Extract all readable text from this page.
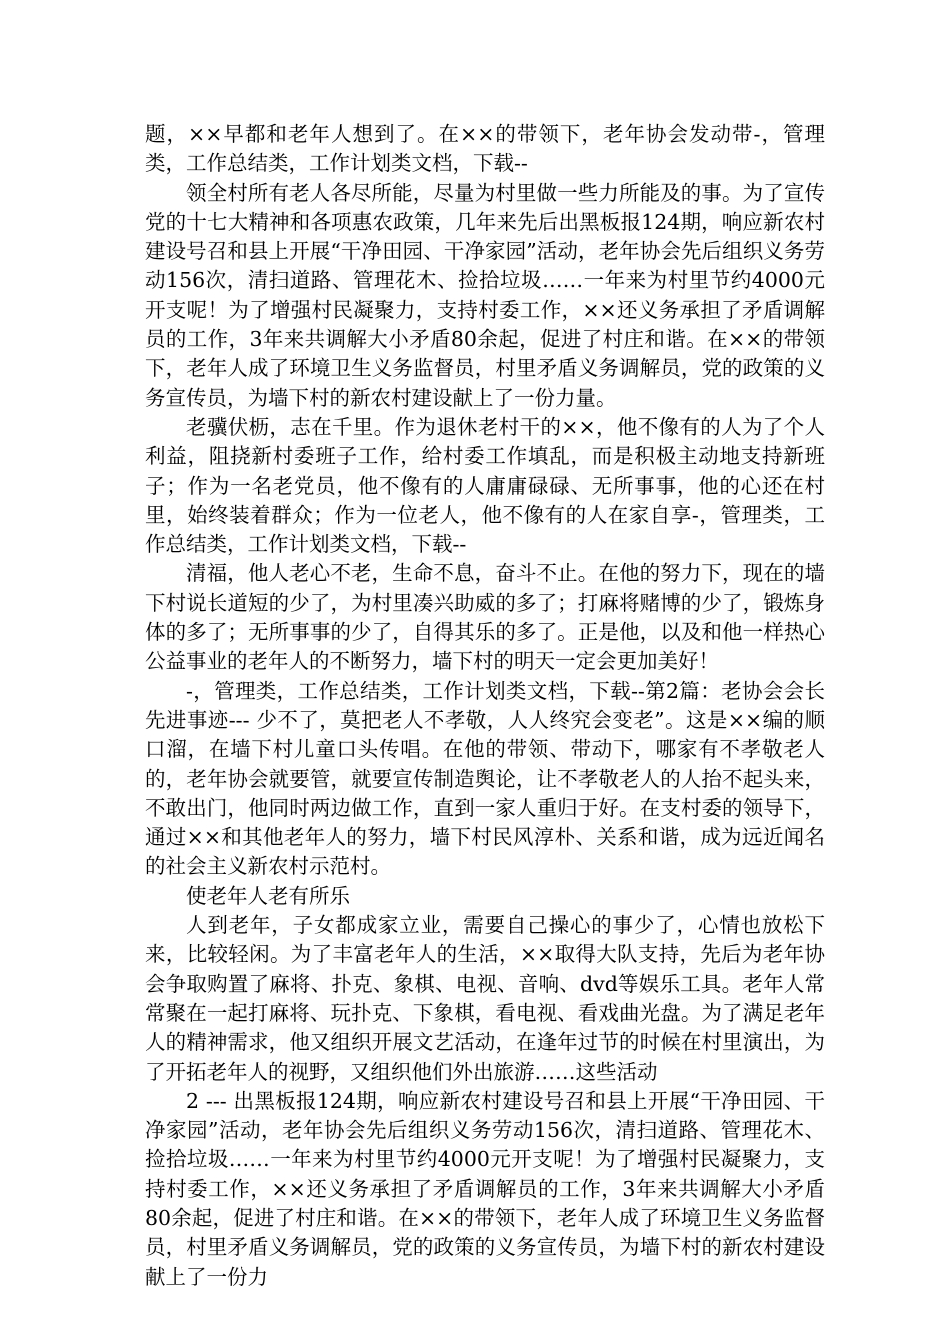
题，××早都和老年人想到了。在××的带领下，老年协会发动带-，管理类，工作总结类，工作计划类文档，下载--

领全村所有老人各尽所能，尽量为村里做一些力所能及的事。为了宣传党的十七大精神和各项惠农政策，几年来先后出黑板报124期，响应新农村建设号召和县上开展“干净田园、干净家园”活动，老年协会先后组织义务劳动156次，清扫道路、管理花木、捡拾垃圾……一年来为村里节约4000元开支呢！为了增强村民凝聚力，支持村委工作，××还义务承担了矛盾调解员的工作，3年来共调解大小矛盾80余起，促进了村庄和谐。在××的带领下，老年人成了环境卫生义务监督员，村里矛盾义务调解员，党的政策的义务宣传员，为墙下村的新农村建设献上了一份力量。

老骥伏枥，志在千里。作为退休老村干的××，他不像有的人为了个人利益，阻挠新村委班子工作，给村委工作填乱，而是积极主动地支持新班子；作为一名老党员，他不像有的人庸庸碌碌、无所事事，他的心还在村里，始终装着群众；作为一位老人，他不像有的人在家自享-，管理类，工作总结类，工作计划类文档，下载--

清福，他人老心不老，生命不息，奋斗不止。在他的努力下，现在的墙下村说长道短的少了，为村里凑兴助威的多了；打麻将赌博的少了，锻炼身体的多了；无所事事的少了，自得其乐的多了。正是他，以及和他一样热心公益事业的老年人的不断努力，墙下村的明天一定会更加美好！

-，管理类，工作总结类，工作计划类文档，下载--第2篇：老协会会长先进事迹--- 少不了，莫把老人不孝敬，人人终究会变老”。这是××编的顺口溜，在墙下村儿童口头传唱。在他的带领、带动下，哪家有不孝敬老人的，老年协会就要管，就要宣传制造舆论，让不孝敬老人的人抬不起头来，不敢出门，他同时两边做工作，直到一家人重归于好。在支村委的领导下，通过××和其他老年人的努力，墙下村民风淳朴、关系和谐，成为远近闻名的社会主义新农村示范村。

使老年人老有所乐

人到老年，子女都成家立业，需要自己操心的事少了，心情也放松下来，比较轻闲。为了丰富老年人的生活，××取得大队支持，先后为老年协会争取购置了麻将、扑克、象棋、电视、音响、dvd等娱乐工具。老年人常常聚在一起打麻将、玩扑克、下象棋，看电视、看戏曲光盘。为了满足老年人的精神需求，他又组织开展文艺活动，在逢年过节的时候在村里演出，为了开拓老年人的视野，又组织他们外出旅游……这些活动

2 --- 出黑板报124期，响应新农村建设号召和县上开展“干净田园、干净家园”活动，老年协会先后组织义务劳动156次，清扫道路、管理花木、捡拾垃圾……一年来为村里节约4000元开支呢！为了增强村民凝聚力，支持村委工作，××还义务承担了矛盾调解员的工作，3年来共调解大小矛盾80余起，促进了村庄和谐。在××的带领下，老年人成了环境卫生义务监督员，村里矛盾义务调解员，党的政策的义务宣传员，为墙下村的新农村建设献上了一份力
